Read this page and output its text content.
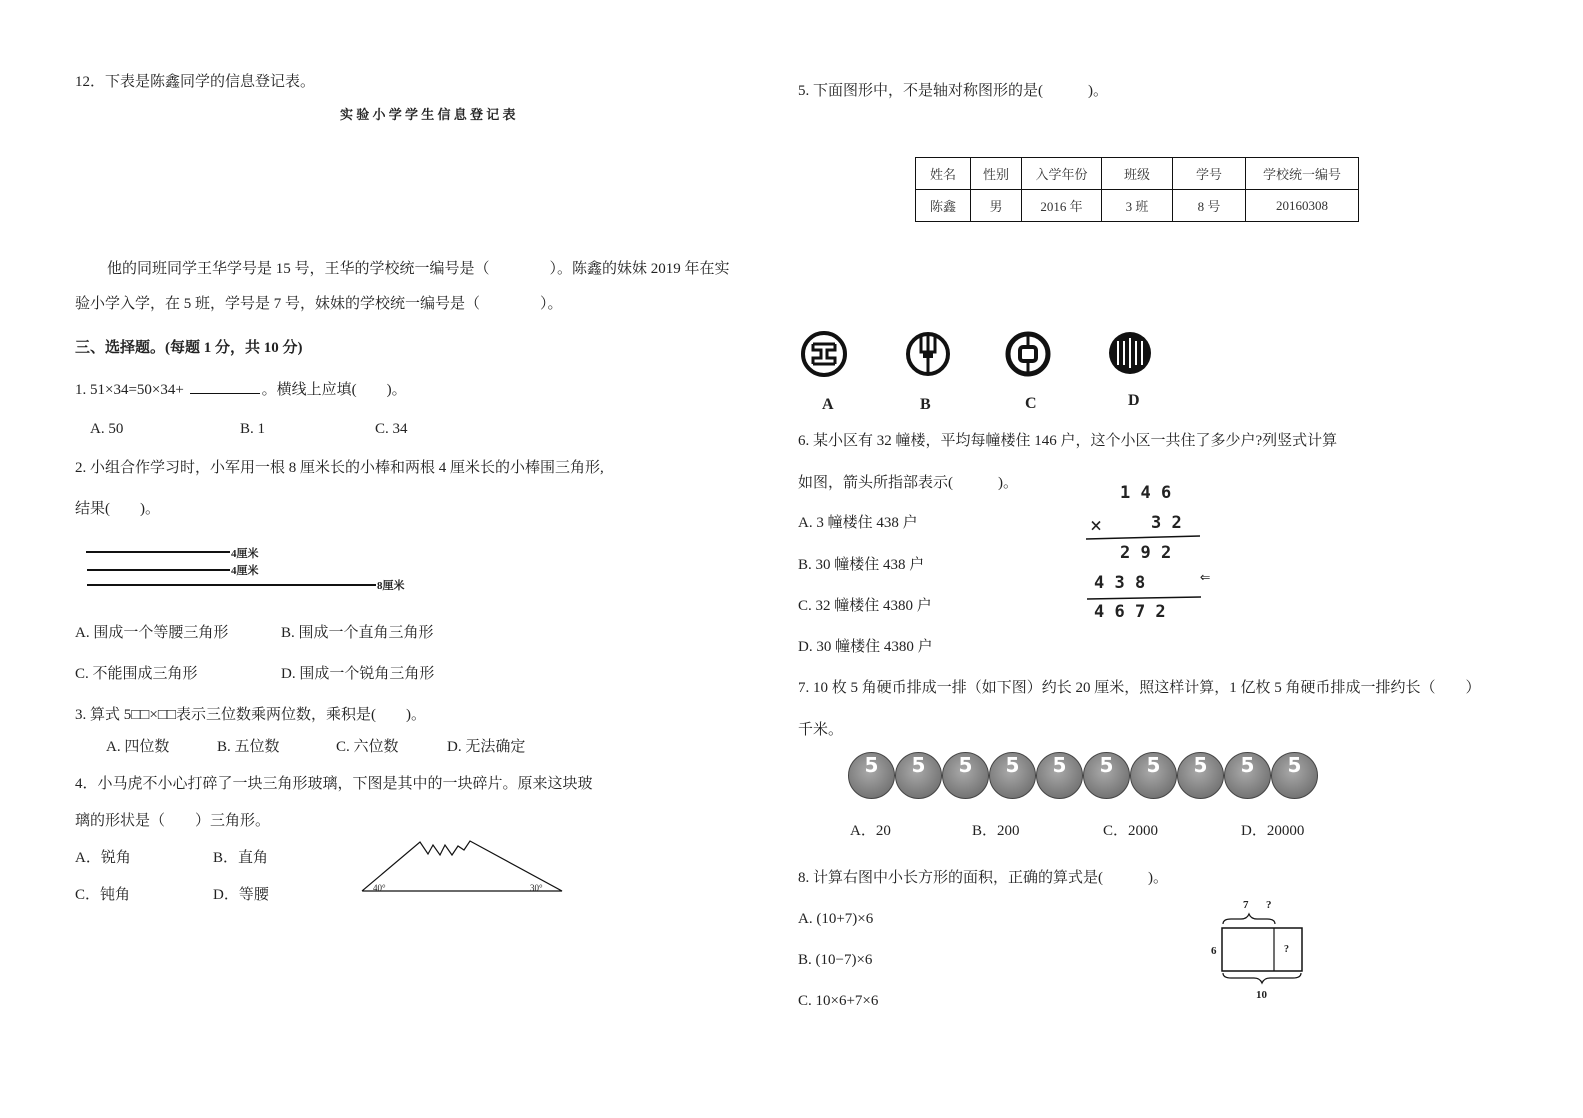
12．下表是陈鑫同学的信息登记表。
实 验 小 学 学 生 信 息 登 记 表
他的同班同学王华学号是 15 号，王华的学校统一编号是（　　　　）。陈鑫的妹妹 2019 年在实
验小学入学，在 5 班，学号是 7 号，妹妹的学校统一编号是（　　　　）。
三、选择题。(每题 1 分，共 10 分)
1. 51×34=50×34+	。横线上应填(　　)。
A. 50	B. 1	C. 34
2. 小组合作学习时，小军用一根 8 厘米长的小棒和两根 4 厘米长的小棒围三角形,
结果(　　)。
4厘米
4厘米
8厘米
A. 围成一个等腰三角形	B. 围成一个直角三角形
C. 不能围成三角形	D. 围成一个锐角三角形
3. 算式 5□□×□□表示三位数乘两位数，乘积是(　　)。
A. 四位数	B. 五位数	C. 六位数	D. 无法确定
4．小马虎不小心打碎了一块三角形玻璃，下图是其中的一块碎片。原来这块玻
璃的形状是（　　）三角形。
40°	30°
A．锐角	B．直角
C．钝角	D．等腰
5. 下面图形中，不是轴对称图形的是(　　　)。
姓名	性别	入学年份	班级	学号	学校统一编号
陈鑫	男	2016 年	3 班	8 号	20160308
A	B	C	D
6. 某小区有 32 幢楼，平均每幢楼住 146 户，这个小区一共住了多少户?列竖式计算
如图，箭头所指部表示(　　　)。
A. 3 幢楼住 438 户
B. 30 幢楼住 438 户
C. 32 幢楼住 4380 户
D. 30 幢楼住 4380 户
1 4 6
×	3 2
2 9 2
4 3 8	⇐
4 6 7 2
7. 10 枚 5 角硬币排成一排（如下图）约长 20 厘米，照这样计算，1 亿枚 5 角硬币排成一排约长（　　）
千米。
5	5	5	5	5	5	5	5	5	5
A．20	B．200	C．2000	D．20000
8. 计算右图中小长方形的面积，正确的算式是(　　　)。
A. (10+7)×6
B. (10−7)×6
C. 10×6+7×6
7 ?
6	?
10
